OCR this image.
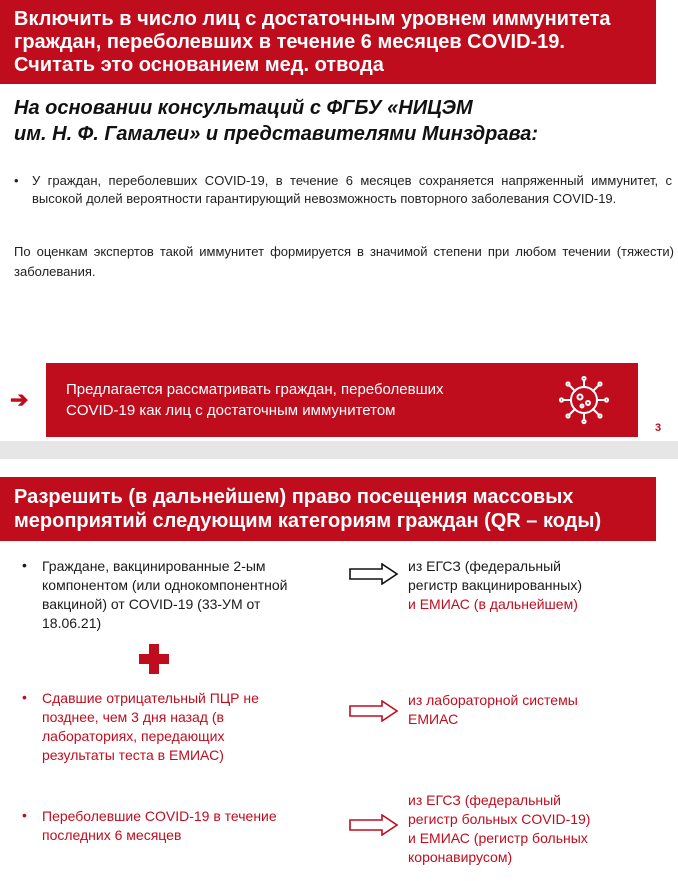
Включить в число лиц с достаточным уровнем иммунитета
граждан, переболевших в течение 6 месяцев COVID-19.
Считать это основанием мед. отвода
На основании консультаций с ФГБУ «НИЦЭМ
им. Н. Ф. Гамалеи» и представителями Минздрава:
• У граждан, переболевших COVID-19, в течение 6 месяцев сохраняется напряженный иммунитет, с высокой долей вероятности гарантирующий невозможность повторного заболевания COVID-19.
По оценкам экспертов такой иммунитет формируется в значимой степени при любом течении (тяжести) заболевания.
➔	Предлагается рассматривать граждан, переболевших
COVID-19 как лиц с достаточным иммунитетом
3
Разрешить (в дальнейшем) право посещения массовых
мероприятий следующим категориям граждан (QR – коды)
• Граждане, вакцинированные 2-ым
компонентом (или однокомпонентной
вакциной) от COVID-19 (33-УМ от
18.06.21)
из ЕГСЗ (федеральный
регистр вакцинированных)
и ЕМИАС (в дальнейшем)
• Сдавшие отрицательный ПЦР не
позднее, чем 3 дня назад (в
лабораториях, передающих
результаты теста в ЕМИАС)
из лабораторной системы
ЕМИАС
• Переболевшие COVID-19 в течение
последних 6 месяцев
из ЕГСЗ (федеральный
регистр больных COVID-19)
и ЕМИАС (регистр больных
коронавирусом)
